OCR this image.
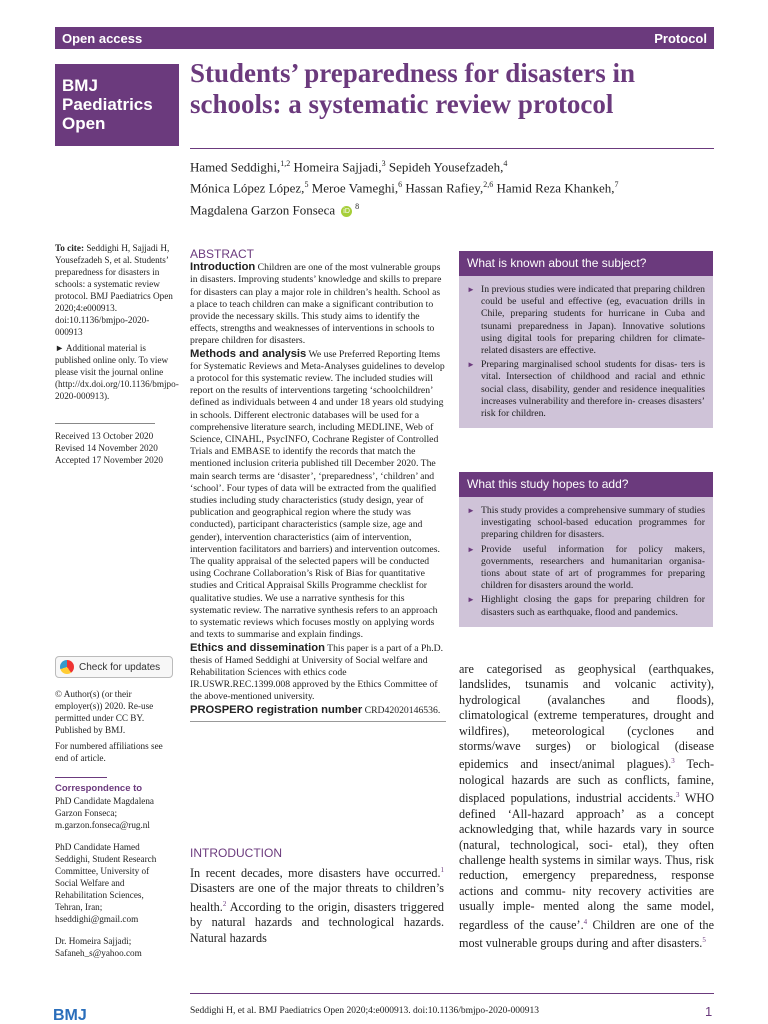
Open access	Protocol
BMJ
Paediatrics
Open
Students’ preparedness for disasters in schools: a systematic review protocol
Hamed Seddighi,$^{1,2}$ Homeira Sajjadi,$^3$ Sepideh Yousefzadeh,$^4$
Mónica López López,$^5$ Meroe Vameghi,$^6$ Hassan Rafiey,$^{2,6}$ Hamid Reza Khankeh,$^7$
Magdalena Garzon Fonseca $iD^8$
To cite: Seddighi H, Sajjadi H, Yousefzadeh S, et al. Students’ preparedness for disasters in schools: a systematic review protocol. BMJ Paediatrics Open 2020;4:e000913. doi:10.1136/bmjpo-2020-000913
► Additional material is published online only. To view please visit the journal online (http://dx.doi.org/10.1136/bmjpo-2020-000913).
Received 13 October 2020
Revised 14 November 2020
Accepted 17 November 2020
Check for updates
© Author(s) (or their employer(s)) 2020. Re-use permitted under CC BY. Published by BMJ.
For numbered affiliations see end of article.
Correspondence to
PhD Candidate Magdalena Garzon Fonseca; m.garzon.fonseca@rug.nl
PhD Candidate Hamed Seddighi, Student Research Committee, University of Social Welfare and Rehabilitation Sciences, Tehran, Iran; hseddighi@gmail.com
Dr. Homeira Sajjadi; Safaneh_s@yahoo.com
ABSTRACT
Introduction Children are one of the most vulnerable groups in disasters. Improving students’ knowledge and skills to prepare for disasters can play a major role in children’s health. School as a place to teach children can make a significant contribution to provide the necessary skills. This study aims to identify the effects, strengths and weaknesses of interventions in schools to prepare children for disasters.
Methods and analysis We use Preferred Reporting Items for Systematic Reviews and Meta-Analyses guidelines to develop a protocol for this systematic review. The included studies will report on the results of interventions targeting ‘schoolchildren’ defined as individuals between 4 and under 18 years old studying in schools. Different electronic databases will be used for a comprehensive literature search, including MEDLINE, Web of Science, CINAHL, PsycINFO, Cochrane Register of Controlled Trials and EMBASE to identify the records that match the mentioned inclusion criteria published till December 2020. The main search terms are ‘disaster’, ‘preparedness’, ‘children’ and ‘school’. Four types of data will be extracted from the qualified studies including study characteristics (study design, year of publication and geographical region where the study was conducted), participant characteristics (sample size, age and gender), intervention characteristics (aim of intervention, intervention facilitators and barriers) and intervention outcomes. The quality appraisal of the selected papers will be conducted using Cochrane Collaboration’s Risk of Bias for quantitative studies and Critical Appraisal Skills Programme checklist for qualitative studies. We use a narrative synthesis for this systematic review. The narrative synthesis refers to an approach to systematic reviews which focuses mostly on applying words and texts to summarise and explain findings.
Ethics and dissemination This paper is a part of a Ph.D. thesis of Hamed Seddighi at University of Social welfare and Rehabilitation Sciences with ethics code IR.USWR.REC.1399.008 approved by the Ethics Committee of the above-mentioned university.
PROSPERO registration number CRD42020146536.
What is known about the subject?
► In previous studies were indicated that preparing children could be useful and effective (eg, evacuation drills in Chile, preparing students for hurricane in Cuba and tsunami preparedness in Japan). Innovative solutions using digital tools for preparing children for climate-related disasters are effective.
► Preparing marginalised school students for disas- ters is vital. Intersection of childhood and racial and ethnic social class, disability, gender and residence inequalities increases vulnerability and therefore in- creases disasters’ risk for children.
What this study hopes to add?
► This study provides a comprehensive summary of studies investigating school-based education programmes for preparing children for disasters.
► Provide useful information for policy makers, governments, researchers and humanitarian organisa- tions about state of art of programmes for preparing children for disasters around the world.
► Highlight closing the gaps for preparing children for disasters such as earthquake, flood and pandemics.
INTRODUCTION
In recent decades, more disasters have occurred.$^1$ Disasters are one of the major threats to children’s health.$^2$ According to the origin, disasters triggered by natural hazards and technological hazards. Natural hazards
are categorised as geophysical (earthquakes, landslides, tsunamis and volcanic activity), hydrological (avalanches and floods), climatological (extreme temperatures, drought and wildfires), meteorological (cyclones and storms/wave surges) or biological (disease epidemics and insect/animal plagues).$^3$ Tech- nological hazards are such as conflicts, famine, displaced populations, industrial accidents.$^3$ WHO defined ‘All-hazard approach’ as a concept acknowledging that, while hazards vary in source (natural, technological, soci- etal), they often challenge health systems in similar ways. Thus, risk reduction, emergency preparedness, response actions and commu- nity recovery activities are usually imple- mented along the same model, regardless of the cause’.$^4$ Children are one of the most vulnerable groups during and after disasters.$^5$
BMJ	Seddighi H, et al. BMJ Paediatrics Open 2020;4:e000913. doi:10.1136/bmjpo-2020-000913	1
